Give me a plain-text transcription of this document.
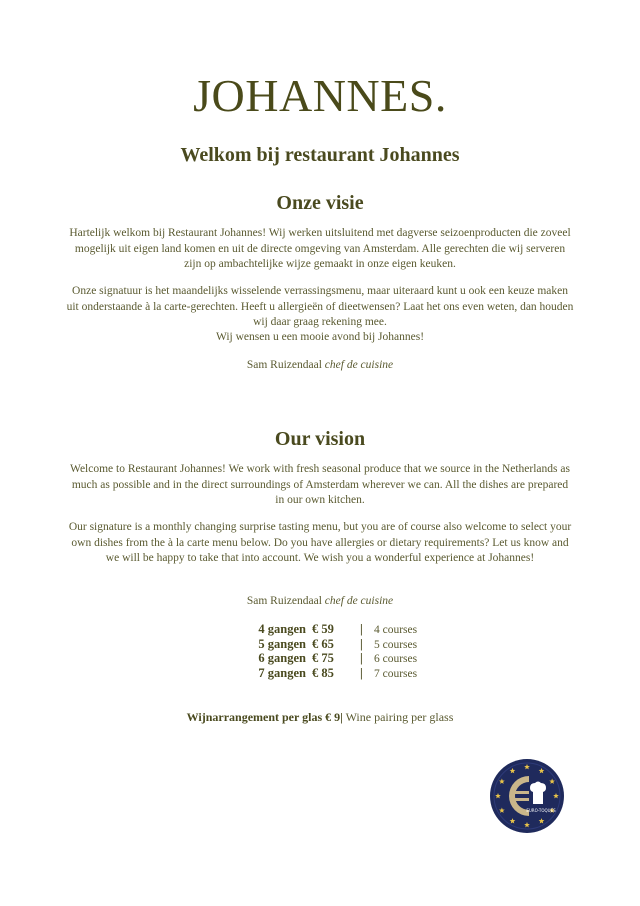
JOHANNES.
Welkom bij restaurant Johannes
Onze visie
Hartelijk welkom bij Restaurant Johannes! Wij werken uitsluitend met dagverse seizoenproducten die zoveel mogelijk uit eigen land komen en uit de directe omgeving van Amsterdam. Alle gerechten die wij serveren zijn op ambachtelijke wijze gemaakt in onze eigen keuken.
Onze signatuur is het maandelijks wisselende verrassingsmenu, maar uiteraard kunt u ook een keuze maken uit onderstaande à la carte-gerechten. Heeft u allergieën of dieetwensen? Laat het ons even weten, dan houden wij daar graag rekening mee.
Wij wensen u een mooie avond bij Johannes!
Sam Ruizendaal chef de cuisine
Our vision
Welcome to Restaurant Johannes! We work with fresh seasonal produce that we source in the Netherlands as much as possible and in the direct surroundings of Amsterdam wherever we can. All the dishes are prepared in our own kitchen.
Our signature is a monthly changing surprise tasting menu, but you are of course also welcome to select your own dishes from the à la carte menu below. Do you have allergies or dietary requirements? Let us know and we will be happy to take that into account. We wish you a wonderful experience at Johannes!
Sam Ruizendaal chef de cuisine
4 gangen € 59	| 4 courses
5 gangen € 65	| 5 courses
6 gangen € 75	| 6 courses
7 gangen € 85	| 7 courses
Wijnarrangement per glas € 9| Wine pairing per glass
EURO-TOQUES
